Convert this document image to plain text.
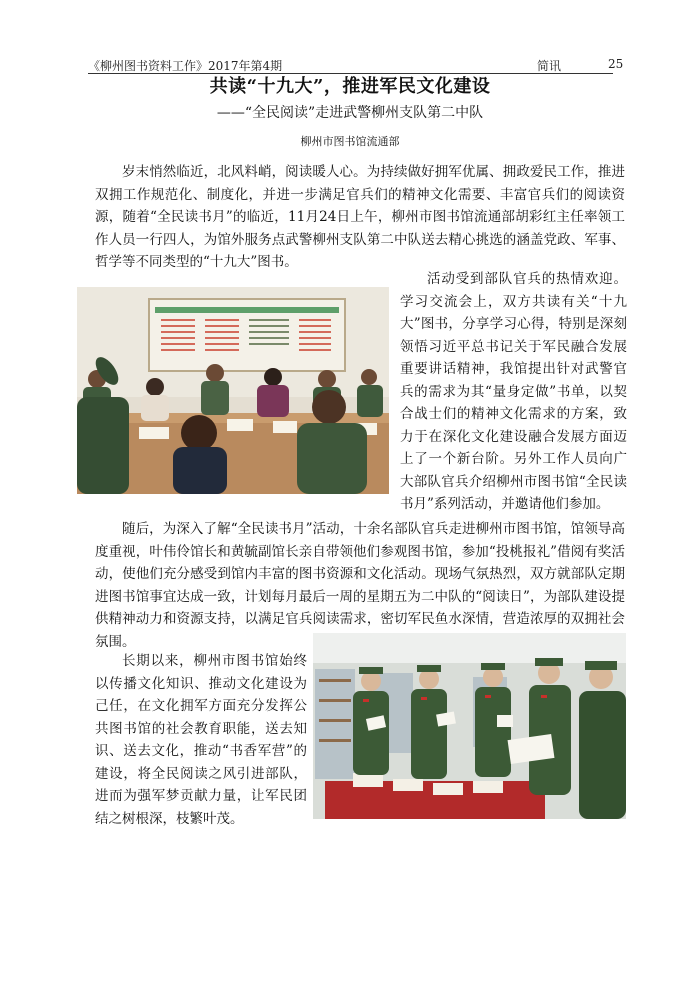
《柳州图书资料工作》2017年第4期	简讯	25
共读“十九大”，推进军民文化建设
——“全民阅读”走进武警柳州支队第二中队
柳州市图书馆流通部

岁末悄然临近，北风料峭，阅读暖人心。为持续做好拥军优属、拥政爱民工作，推进双拥工作规范化、制度化，并进一步满足官兵们的精神文化需要、丰富官兵们的阅读资源，随着“全民读书月”的临近，11月24日上午，柳州市图书馆流通部胡彩红主任率领工作人员一行四人，为馆外服务点武警柳州支队第二中队送去精心挑选的涵盖党政、军事、哲学等不同类型的“十九大”图书。

活动受到部队官兵的热情欢迎。学习交流会上，双方共读有关“十九大”图书，分享学习心得，特别是深刻领悟习近平总书记关于军民融合发展重要讲话精神，我馆提出针对武警官兵的需求为其“量身定做”书单，以契合战士们的精神文化需求的方案，致力于在深化文化建设融合发展方面迈上了一个新台阶。另外工作人员向广大部队官兵介绍柳州市图书馆“全民读书月”系列活动，并邀请他们参加。

随后，为深入了解“全民读书月”活动，十余名部队官兵走进柳州市图书馆，馆领导高度重视，叶伟伶馆长和黄毓副馆长亲自带领他们参观图书馆，参加“投桃报礼”借阅有奖活动，使他们充分感受到馆内丰富的图书资源和文化活动。现场气氛热烈，双方就部队定期进图书馆事宜达成一致，计划每月最后一周的星期五为二中队的“阅读日”，为部队建设提供精神动力和资源支持，以满足官兵阅读需求，密切军民鱼水深情，营造浓厚的双拥社会氛围。

长期以来，柳州市图书馆始终以传播文化知识、推动文化建设为己任，在文化拥军方面充分发挥公共图书馆的社会教育职能，送去知识、送去文化，推动“书香军营”的建设，将全民阅读之风引进部队，进而为强军梦贡献力量，让军民团结之树根深，枝繁叶茂。
